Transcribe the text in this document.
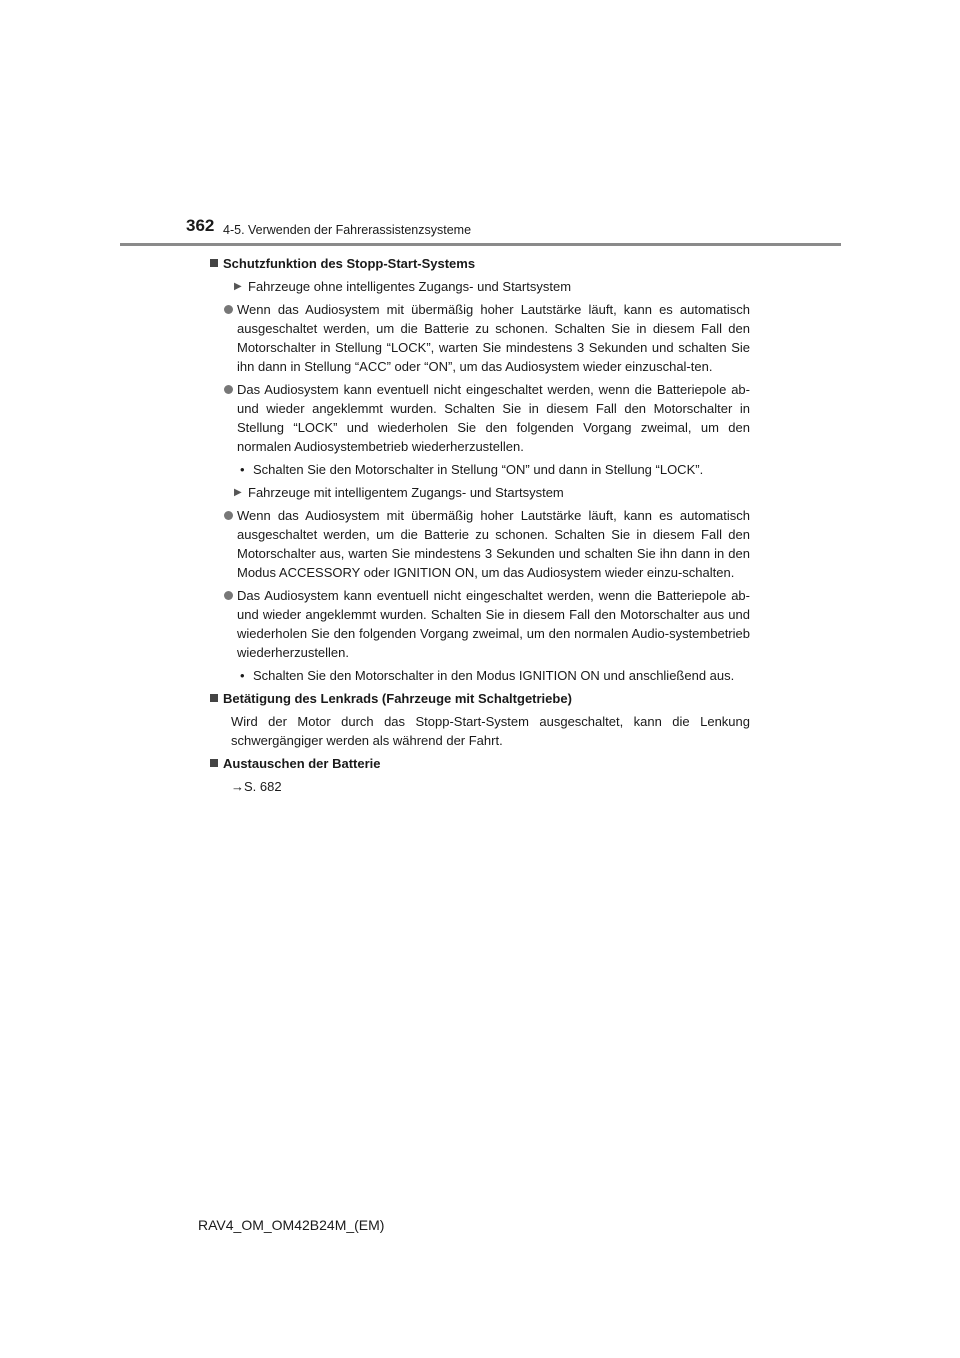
362 4-5. Verwenden der Fahrerassistenzsysteme
Schutzfunktion des Stopp-Start-Systems
▶ Fahrzeuge ohne intelligentes Zugangs- und Startsystem
Wenn das Audiosystem mit übermäßig hoher Lautstärke läuft, kann es automatisch ausgeschaltet werden, um die Batterie zu schonen. Schalten Sie in diesem Fall den Motorschalter in Stellung “LOCK”, warten Sie mindestens 3 Sekunden und schalten Sie ihn dann in Stellung “ACC” oder “ON”, um das Audiosystem wieder einzuschal-ten.
Das Audiosystem kann eventuell nicht eingeschaltet werden, wenn die Batteriepole ab- und wieder angeklemmt wurden. Schalten Sie in diesem Fall den Motorschalter in Stellung “LOCK” und wiederholen Sie den folgenden Vorgang zweimal, um den normalen Audiosystembetrieb wiederherzustellen.
• Schalten Sie den Motorschalter in Stellung “ON” und dann in Stellung “LOCK”.
▶ Fahrzeuge mit intelligentem Zugangs- und Startsystem
Wenn das Audiosystem mit übermäßig hoher Lautstärke läuft, kann es automatisch ausgeschaltet werden, um die Batterie zu schonen. Schalten Sie in diesem Fall den Motorschalter aus, warten Sie mindestens 3 Sekunden und schalten Sie ihn dann in den Modus ACCESSORY oder IGNITION ON, um das Audiosystem wieder einzu-schalten.
Das Audiosystem kann eventuell nicht eingeschaltet werden, wenn die Batteriepole ab- und wieder angeklemmt wurden. Schalten Sie in diesem Fall den Motorschalter aus und wiederholen Sie den folgenden Vorgang zweimal, um den normalen Audio-systembetrieb wiederherzustellen.
• Schalten Sie den Motorschalter in den Modus IGNITION ON und anschließend aus.
Betätigung des Lenkrads (Fahrzeuge mit Schaltgetriebe)
Wird der Motor durch das Stopp-Start-System ausgeschaltet, kann die Lenkung schwergängiger werden als während der Fahrt.
Austauschen der Batterie
→S. 682
RAV4_OM_OM42B24M_(EM)
